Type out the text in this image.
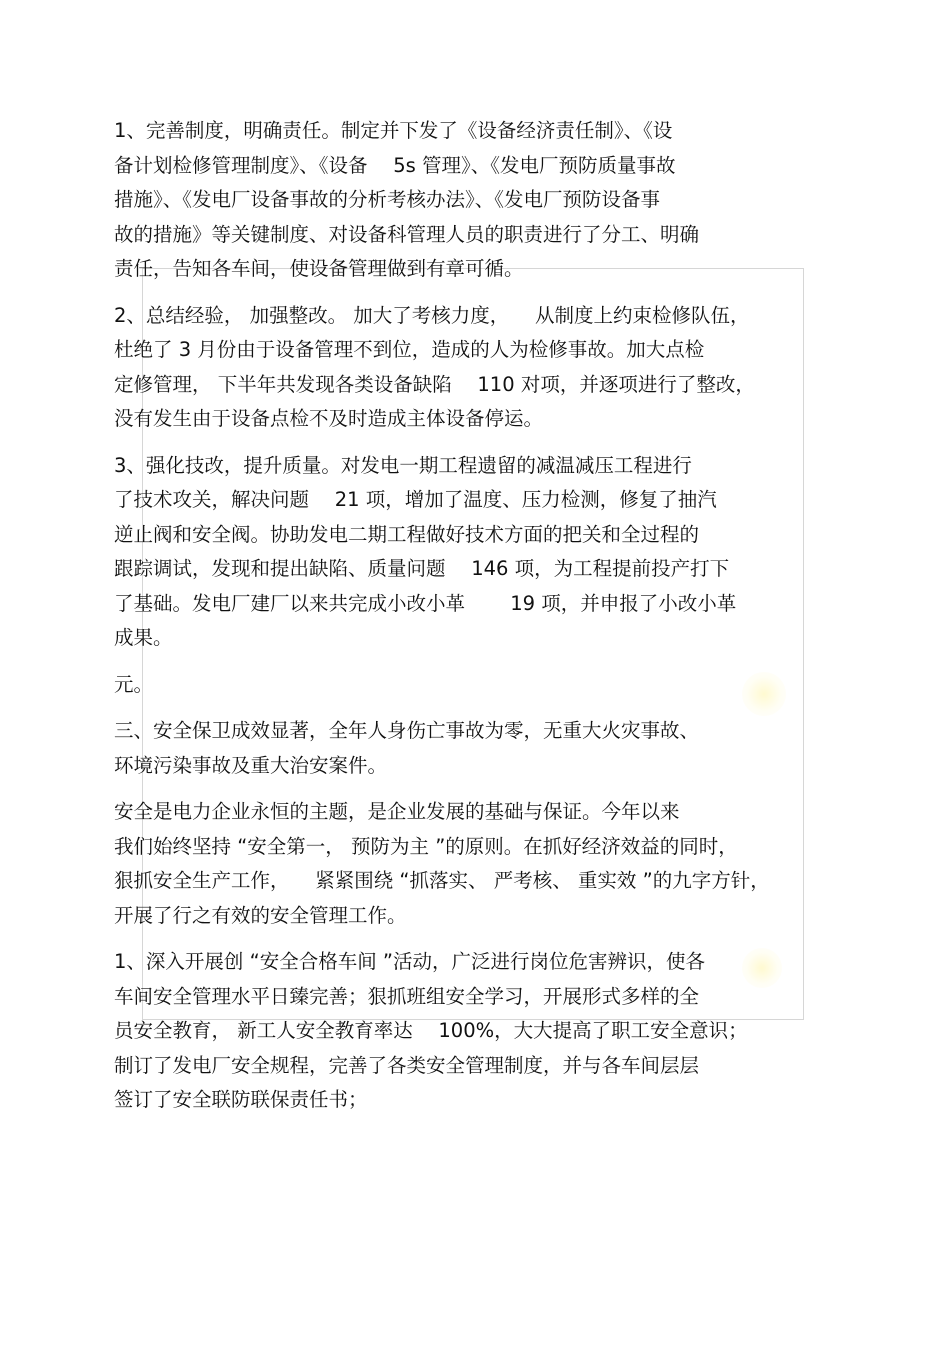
1、完善制度，明确责任。制定并下发了《设备经济责任制》、《设
备计划检修管理制度》、《设备 　5s 管理》、《发电厂预防质量事故
措施》、《发电厂设备事故的分析考核办法》、《发电厂预防设备事
故的措施》等关键制度、对设备科管理人员的职责进行了分工、明确
责任，告知各车间，使设备管理做到有章可循。

2、总结经验， 加强整改。 加大了考核力度， 　从制度上约束检修队伍，
杜绝了 3 月份由于设备管理不到位，造成的人为检修事故。加大点检
定修管理， 下半年共发现各类设备缺陷 　110 对项，并逐项进行了整改，
没有发生由于设备点检不及时造成主体设备停运。

3、强化技改，提升质量。对发电一期工程遗留的减温减压工程进行
了技术攻关，解决问题 　21 项，增加了温度、压力检测，修复了抽汽
逆止阀和安全阀。协助发电二期工程做好技术方面的把关和全过程的
跟踪调试，发现和提出缺陷、质量问题 　146 项，为工程提前投产打下
了基础。发电厂建厂以来共完成小改小革 　　19 项，并申报了小改小革
成果。

元。

三、安全保卫成效显著，全年人身伤亡事故为零，无重大火灾事故、
环境污染事故及重大治安案件。

安全是电力企业永恒的主题，是企业发展的基础与保证。今年以来
我们始终坚持 “安全第一， 预防为主 ”的原则。在抓好经济效益的同时，
狠抓安全生产工作， 　紧紧围绕 “抓落实、 严考核、 重实效 ”的九字方针，
开展了行之有效的安全管理工作。

1、深入开展创 “安全合格车间 ”活动，广泛进行岗位危害辨识，使各
车间安全管理水平日臻完善；狠抓班组安全学习，开展形式多样的全
员安全教育， 新工人安全教育率达 　100%，大大提高了职工安全意识；
制订了发电厂安全规程，完善了各类安全管理制度，并与各车间层层
签订了安全联防联保责任书；
